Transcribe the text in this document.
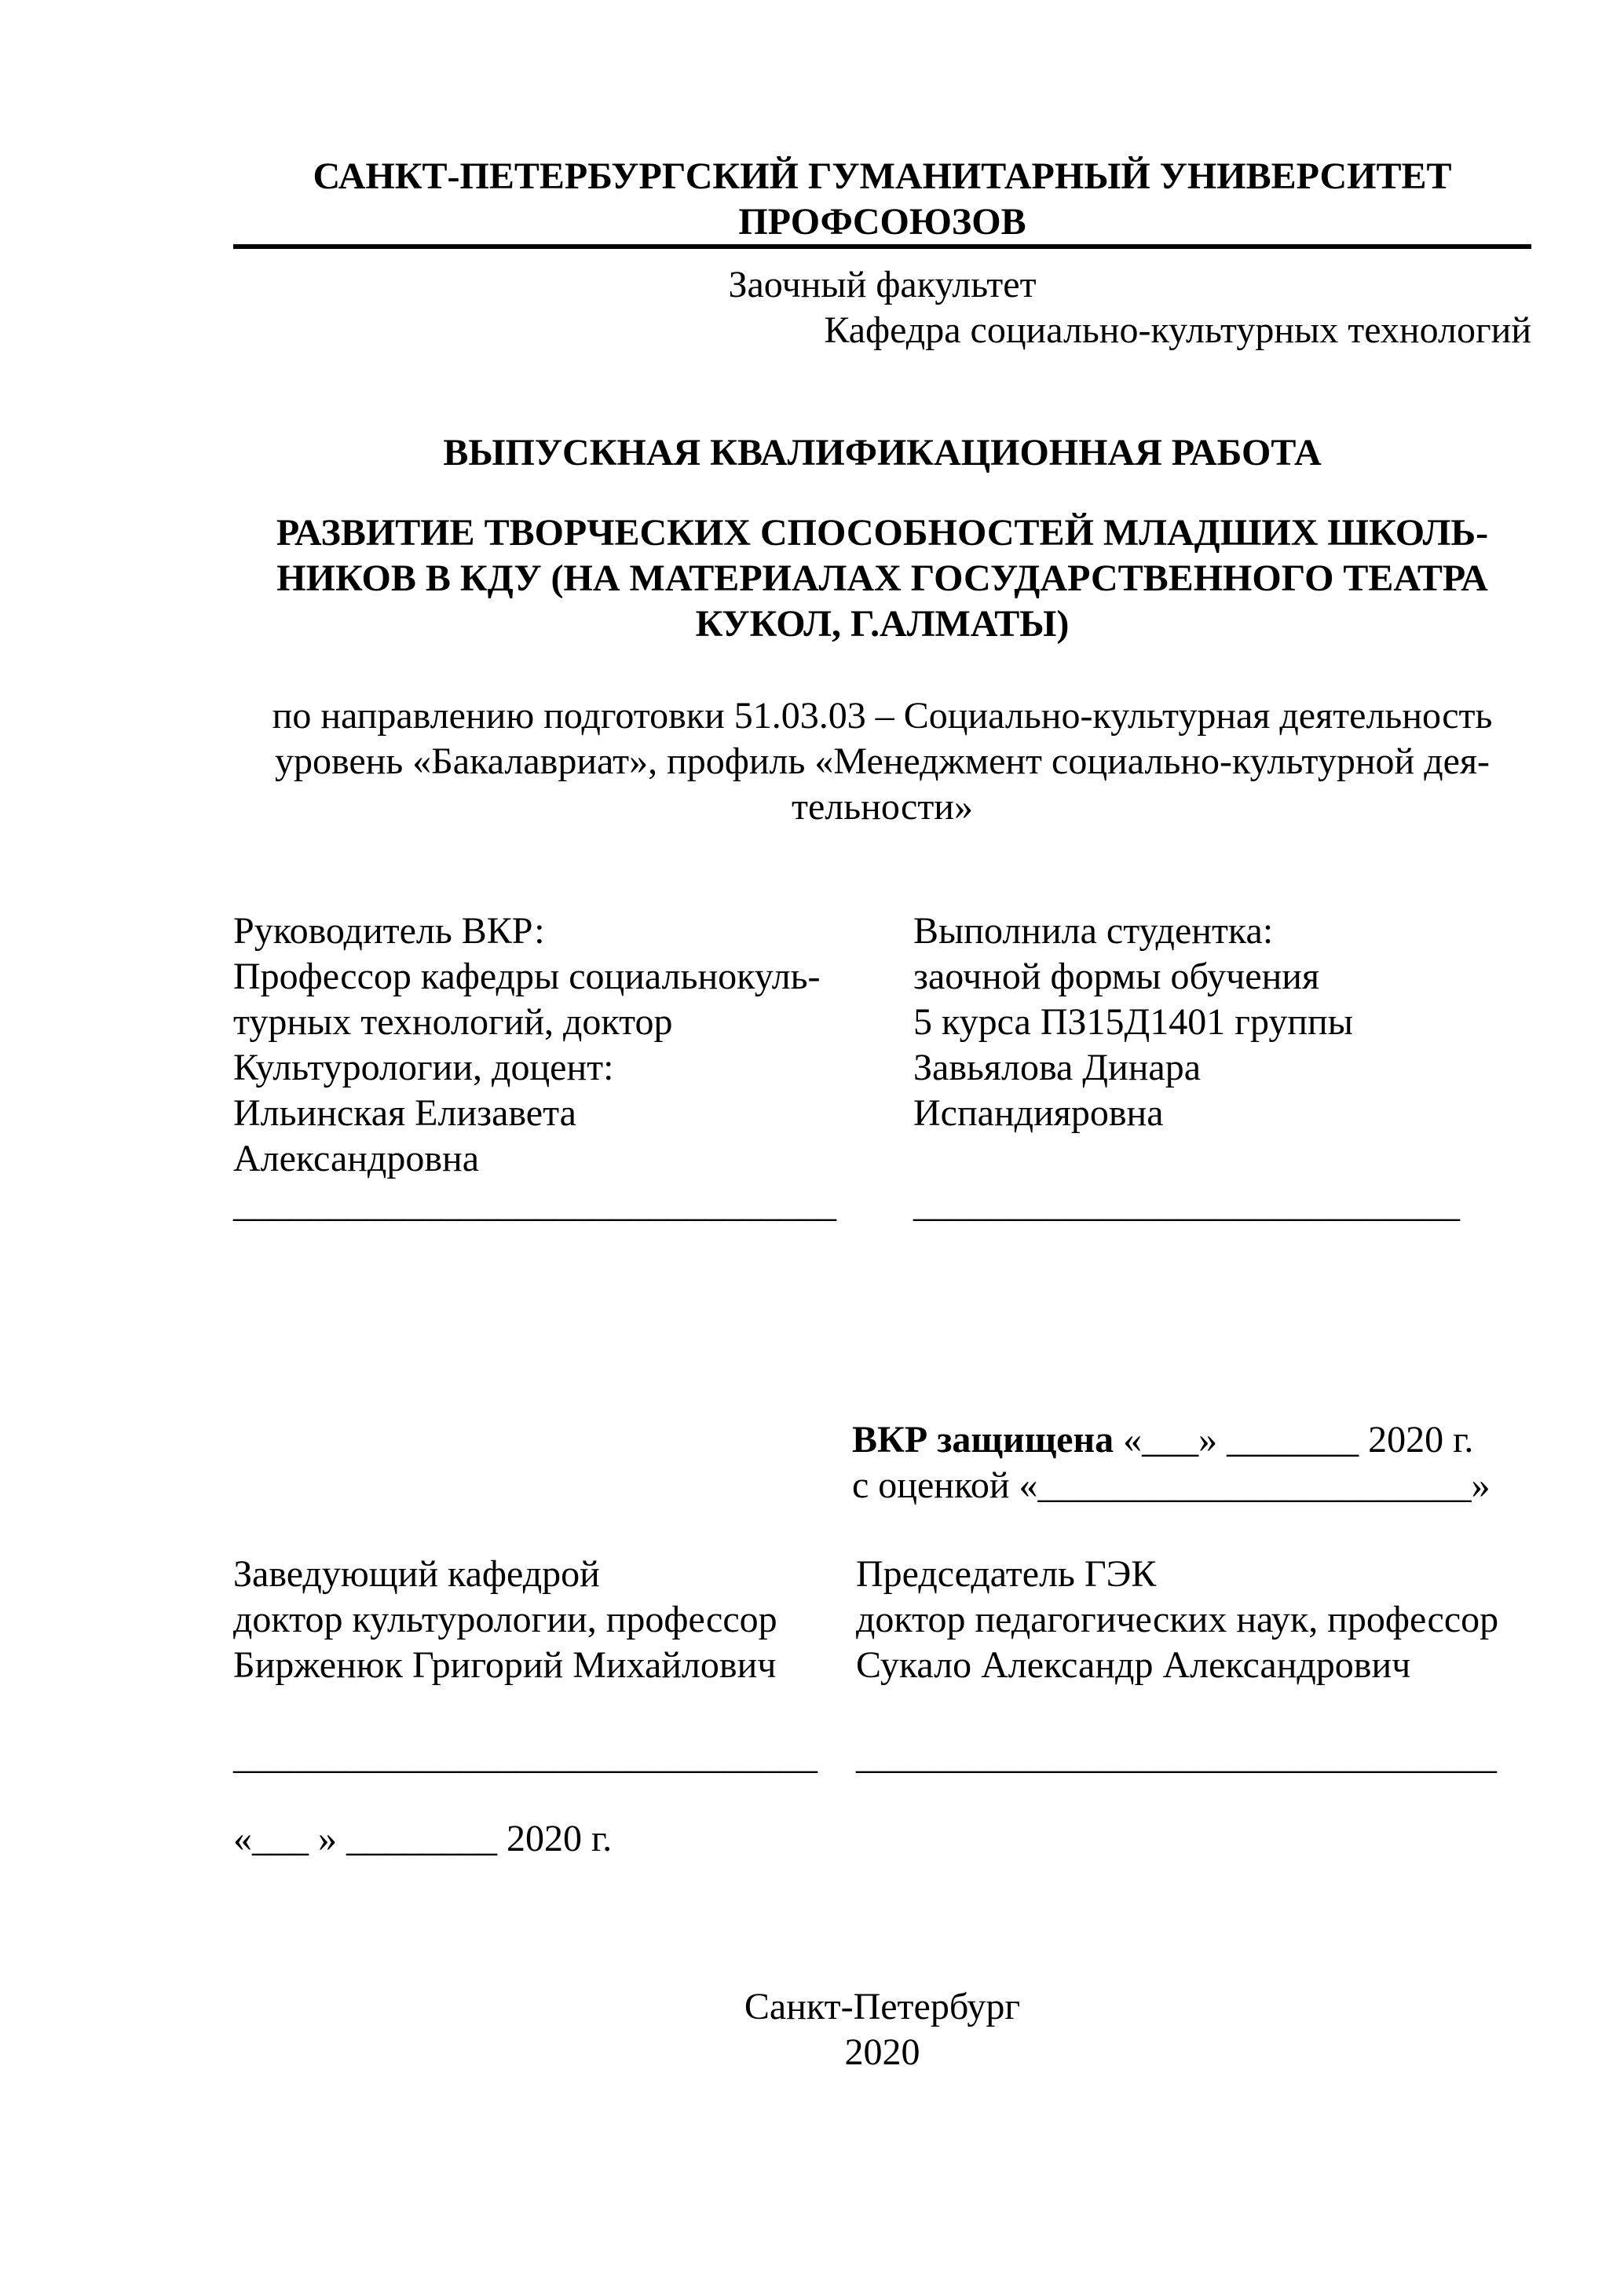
САНКТ-ПЕТЕРБУРГСКИЙ ГУМАНИТАРНЫЙ УНИВЕРСИТЕТ
ПРОФСОЮЗОВ
Заочный факультет
Кафедра социально-культурных технологий
ВЫПУСКНАЯ КВАЛИФИКАЦИОННАЯ РАБОТА
РАЗВИТИЕ ТВОРЧЕСКИХ СПОСОБНОСТЕЙ МЛАДШИХ ШКОЛЬ-
НИКОВ В КДУ (НА МАТЕРИАЛАХ ГОСУДАРСТВЕННОГО ТЕАТРА
КУКОЛ, Г.АЛМАТЫ)
по направлению подготовки 51.03.03 – Социально-культурная деятельность
уровень «Бакалавриат», профиль «Менеджмент социально-культурной дея-
тельности»
Руководитель ВКР:
Профессор кафедры социальнокуль-
турных технологий, доктор
Культурологии, доцент:
Ильинская Елизавета
Александровна
________________________________
Выполнила студентка:
заочной формы обучения
5 курса ПЗ15Д1401 группы
Завьялова Динара
Испандияровна
_____________________________
ВКР защищена «___» _______ 2020 г.
с оценкой «_______________________»
Заведующий кафедрой
доктор культурологии, профессор
Бирженюк Григорий Михайлович
_______________________________
Председатель ГЭК
доктор педагогических наук, профессор
Сукало Александр Александрович
__________________________________
«___ » ________ 2020 г.
Санкт-Петербург
2020
